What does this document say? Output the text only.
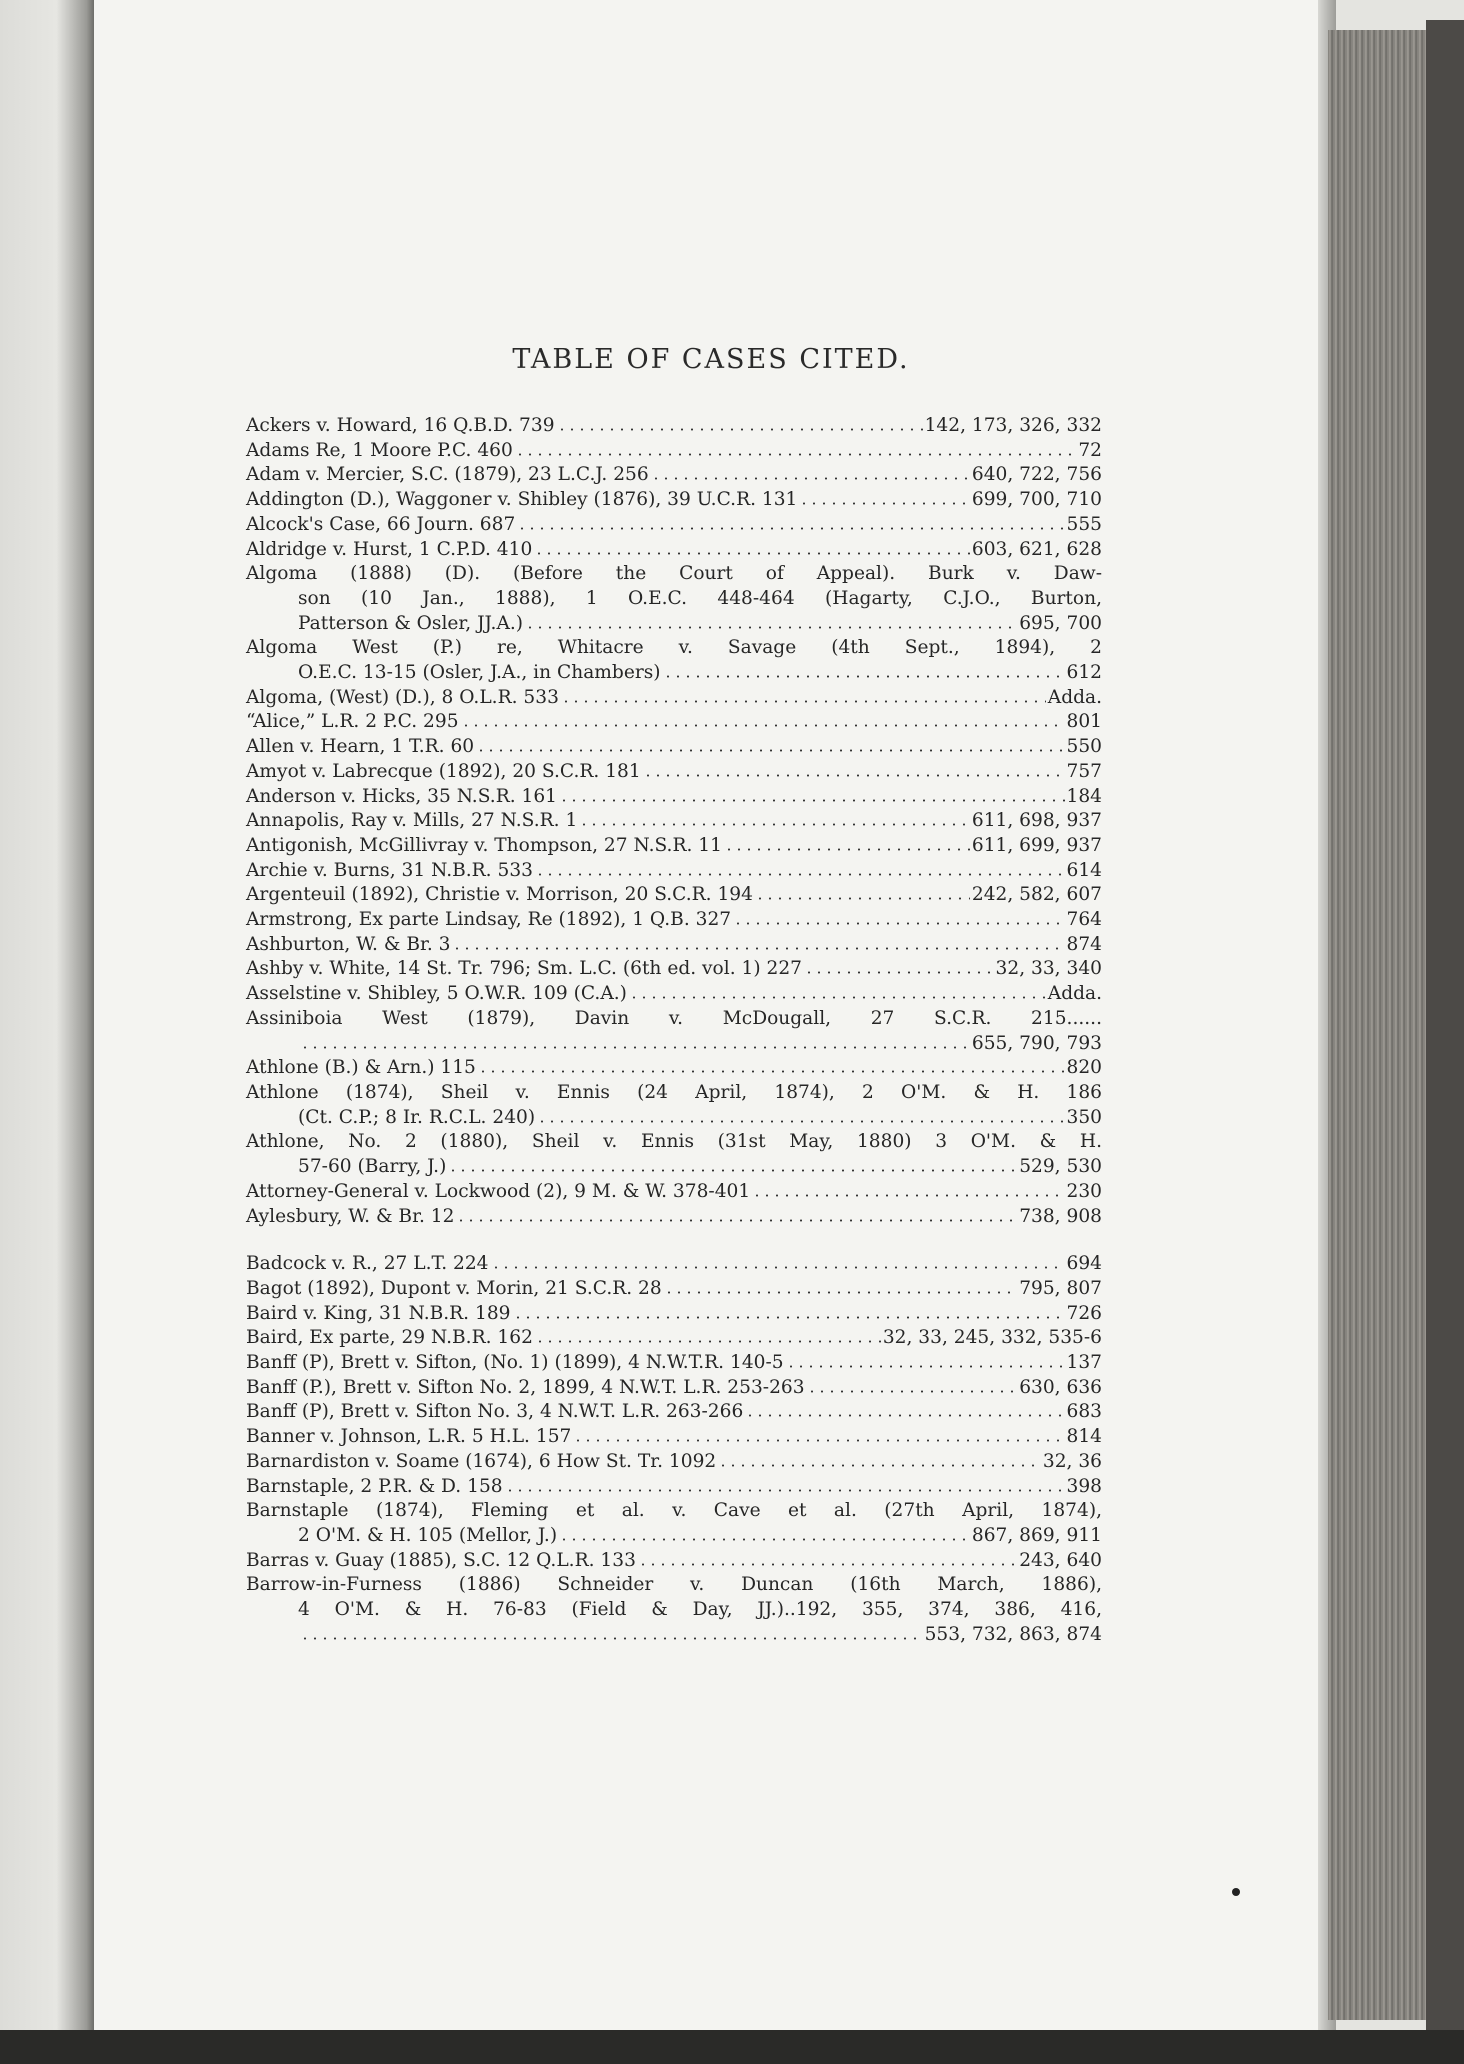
TABLE OF CASES CITED.
Ackers v. Howard, 16 Q.B.D. 739	142, 173, 326, 332
Adams Re, 1 Moore P.C. 460	72
Adam v. Mercier, S.C. (1879), 23 L.C.J. 256	640, 722, 756
Addington (D.), Waggoner v. Shibley (1876), 39 U.C.R. 131	699, 700, 710
Alcock's Case, 66 Journ. 687	555
Aldridge v. Hurst, 1 C.P.D. 410	603, 621, 628
Algoma (1888) (D). (Before the Court of Appeal). Burk v. Daw-
son (10 Jan., 1888), 1 O.E.C. 448-464 (Hagarty, C.J.O., Burton,
Patterson & Osler, JJ.A.)	695, 700
Algoma West (P.) re, Whitacre v. Savage (4th Sept., 1894), 2
O.E.C. 13-15 (Osler, J.A., in Chambers)	612
Algoma, (West) (D.), 8 O.L.R. 533	Adda.
“Alice,” L.R. 2 P.C. 295	801
Allen v. Hearn, 1 T.R. 60	550
Amyot v. Labrecque (1892), 20 S.C.R. 181	757
Anderson v. Hicks, 35 N.S.R. 161	184
Annapolis, Ray v. Mills, 27 N.S.R. 1	611, 698, 937
Antigonish, McGillivray v. Thompson, 27 N.S.R. 11	611, 699, 937
Archie v. Burns, 31 N.B.R. 533	614
Argenteuil (1892), Christie v. Morrison, 20 S.C.R. 194	242, 582, 607
Armstrong, Ex parte Lindsay, Re (1892), 1 Q.B. 327	764
Ashburton, W. & Br. 3	874
Ashby v. White, 14 St. Tr. 796; Sm. L.C. (6th ed. vol. 1) 227	32, 33, 340
Asselstine v. Shibley, 5 O.W.R. 109 (C.A.)	Adda.
Assiniboia West (1879), Davin v. McDougall, 27 S.C.R. 215......
655, 790, 793
Athlone (B.) & Arn.) 115	820
Athlone (1874), Sheil v. Ennis (24 April, 1874), 2 O'M. & H. 186
(Ct. C.P.; 8 Ir. R.C.L. 240)	350
Athlone, No. 2 (1880), Sheil v. Ennis (31st May, 1880) 3 O'M. & H.
57-60 (Barry, J.)	529, 530
Attorney-General v. Lockwood (2), 9 M. & W. 378-401	230
Aylesbury, W. & Br. 12	738, 908
Badcock v. R., 27 L.T. 224	694
Bagot (1892), Dupont v. Morin, 21 S.C.R. 28	795, 807
Baird v. King, 31 N.B.R. 189	726
Baird, Ex parte, 29 N.B.R. 162	32, 33, 245, 332, 535-6
Banff (P), Brett v. Sifton, (No. 1) (1899), 4 N.W.T.R. 140-5	137
Banff (P.), Brett v. Sifton No. 2, 1899, 4 N.W.T. L.R. 253-263	630, 636
Banff (P), Brett v. Sifton No. 3, 4 N.W.T. L.R. 263-266	683
Banner v. Johnson, L.R. 5 H.L. 157	814
Barnardiston v. Soame (1674), 6 How St. Tr. 1092	32, 36
Barnstaple, 2 P.R. & D. 158	398
Barnstaple (1874), Fleming et al. v. Cave et al. (27th April, 1874),
2 O'M. & H. 105 (Mellor, J.)	867, 869, 911
Barras v. Guay (1885), S.C. 12 Q.L.R. 133	243, 640
Barrow-in-Furness (1886) Schneider v. Duncan (16th March, 1886),
4 O'M. & H. 76-83 (Field & Day, JJ.)..192, 355, 374, 386, 416,
553, 732, 863, 874
